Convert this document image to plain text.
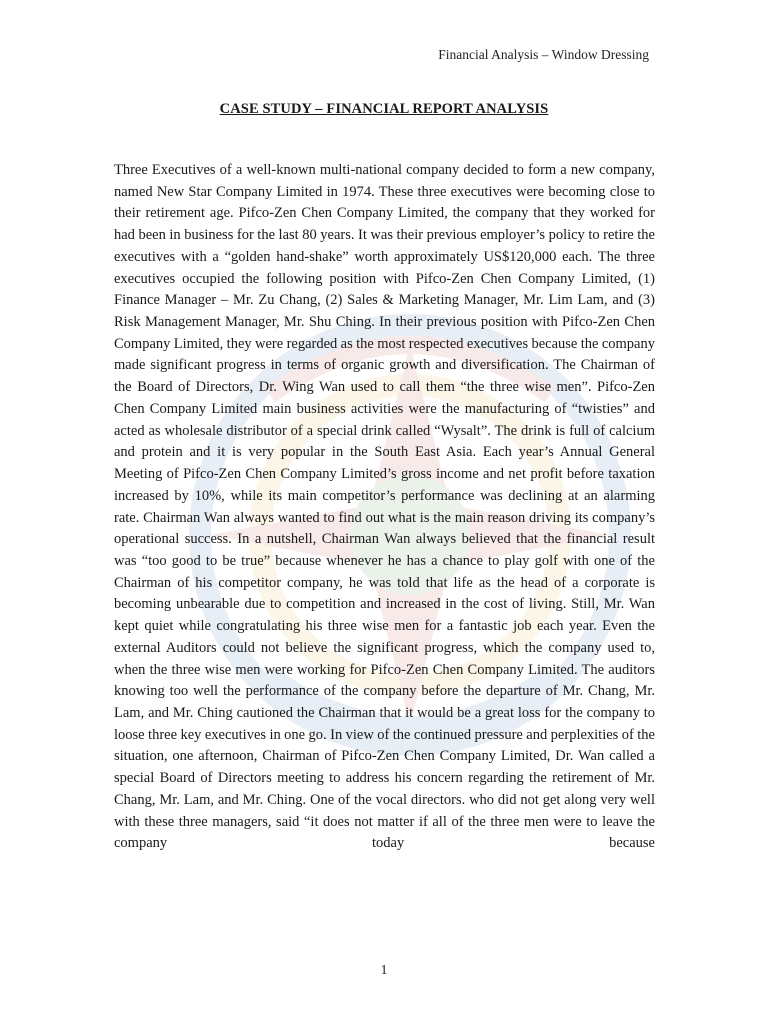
Financial Analysis – Window Dressing
CASE STUDY – FINANCIAL REPORT ANALYSIS

Three Executives of a well-known multi-national company decided to form a new company, named New Star Company Limited in 1974. These three executives were becoming close to their retirement age. Pifco-Zen Chen Company Limited, the company that they worked for had been in business for the last 80 years. It was their previous employer’s policy to retire the executives with a “golden hand-shake” worth approximately US$120,000 each. The three executives occupied the following position with Pifco-Zen Chen Company Limited, (1) Finance Manager – Mr. Zu Chang, (2) Sales & Marketing Manager, Mr. Lim Lam, and (3) Risk Management Manager, Mr. Shu Ching. In their previous position with Pifco-Zen Chen Company Limited, they were regarded as the most respected executives because the company made significant progress in terms of organic growth and diversification. The Chairman of the Board of Directors, Dr. Wing Wan used to call them “the three wise men”. Pifco-Zen Chen Company Limited main business activities were the manufacturing of “twisties” and acted as wholesale distributor of a special drink called “Wysalt”. The drink is full of calcium and protein and it is very popular in the South East Asia. Each year’s Annual General Meeting of Pifco-Zen Chen Company Limited’s gross income and net profit before taxation increased by 10%, while its main competitor’s performance was declining at an alarming rate. Chairman Wan always wanted to find out what is the main reason driving its company’s operational success. In a nutshell, Chairman Wan always believed that the financial result was “too good to be true” because whenever he has a chance to play golf with one of the Chairman of his competitor company, he was told that life as the head of a corporate is becoming unbearable due to competition and increased in the cost of living. Still, Mr. Wan kept quiet while congratulating his three wise men for a fantastic job each year. Even the external Auditors could not believe the significant progress, which the company used to, when the three wise men were working for Pifco-Zen Chen Company Limited. The auditors knowing too well the performance of the company before the departure of Mr. Chang, Mr. Lam, and Mr. Ching cautioned the Chairman that it would be a great loss for the company to loose three key executives in one go. In view of the continued pressure and perplexities of the situation, one afternoon, Chairman of Pifco-Zen Chen Company Limited, Dr. Wan called a special Board of Directors meeting to address his concern regarding the retirement of Mr. Chang, Mr. Lam, and Mr. Ching. One of the vocal directors. who did not get along very well with these three managers, said “it does not matter if all of the three men were to leave the company today because

1
